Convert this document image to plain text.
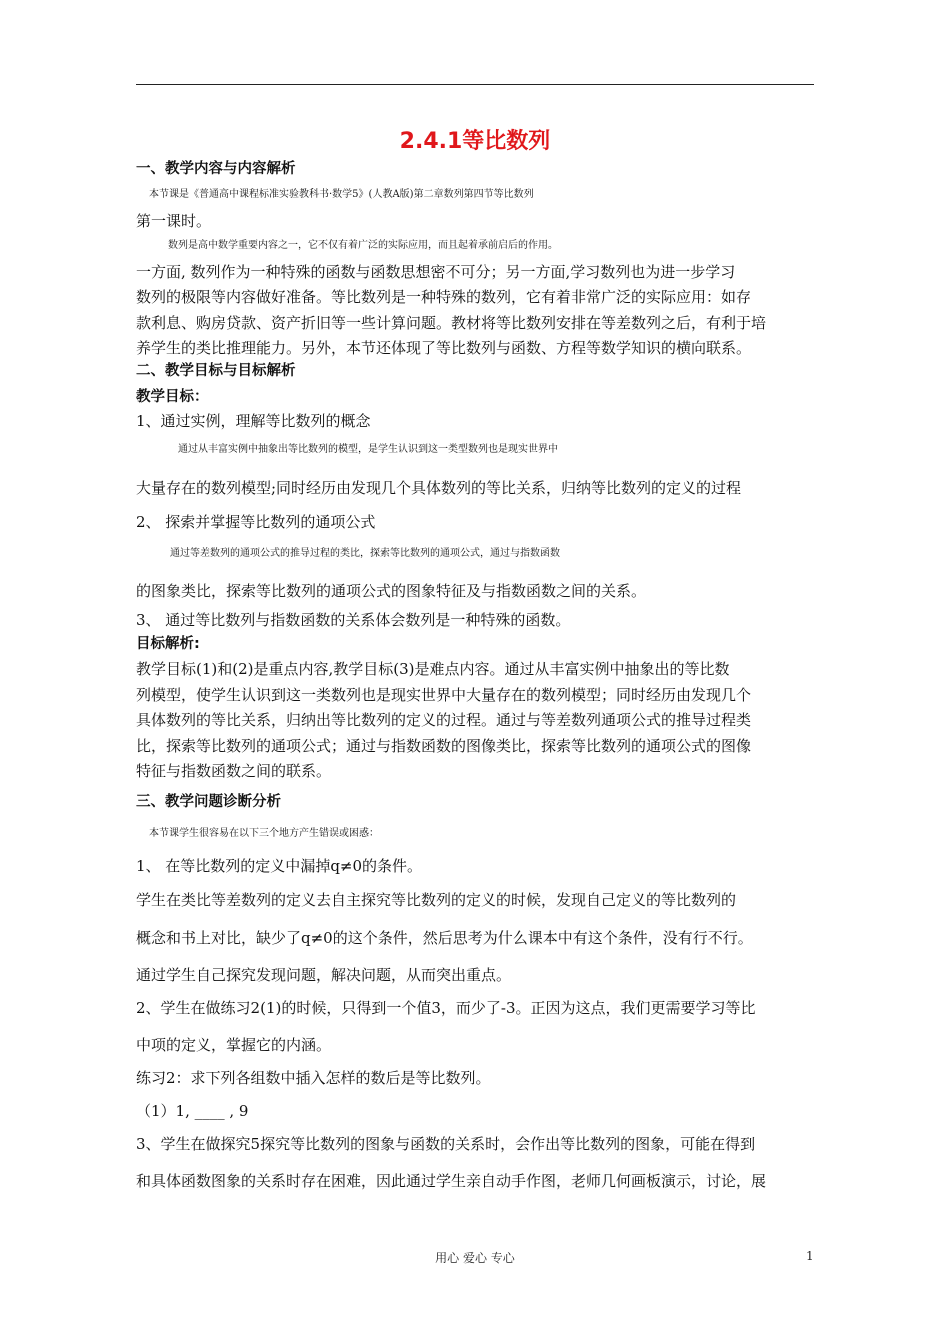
2.4.1等比数列
一、教学内容与内容解析
本节课是《普通高中课程标准实验教科书·数学5》(人教A版)第二章数列第四节等比数列
第一课时。
数列是高中数学重要内容之一，它不仅有着广泛的实际应用，而且起着承前启后的作用。
一方面, 数列作为一种特殊的函数与函数思想密不可分；另一方面,学习数列也为进一步学习
数列的极限等内容做好准备。等比数列是一种特殊的数列，它有着非常广泛的实际应用：如存
款利息、购房贷款、资产折旧等一些计算问题。教材将等比数列安排在等差数列之后，有利于培
养学生的类比推理能力。另外，本节还体现了等比数列与函数、方程等数学知识的横向联系。
二、教学目标与目标解析
教学目标：
1、通过实例，理解等比数列的概念
通过从丰富实例中抽象出等比数列的模型，是学生认识到这一类型数列也是现实世界中
大量存在的数列模型;同时经历由发现几个具体数列的等比关系，归纳等比数列的定义的过程
2、 探索并掌握等比数列的通项公式
通过等差数列的通项公式的推导过程的类比，探索等比数列的通项公式，通过与指数函数
的图象类比，探索等比数列的通项公式的图象特征及与指数函数之间的关系。
3、 通过等比数列与指数函数的关系体会数列是一种特殊的函数。
目标解析:
教学目标(1)和(2)是重点内容,教学目标(3)是难点内容。通过从丰富实例中抽象出的等比数
列模型，使学生认识到这一类数列也是现实世界中大量存在的数列模型；同时经历由发现几个
具体数列的等比关系，归纳出等比数列的定义的过程。通过与等差数列通项公式的推导过程类
比，探索等比数列的通项公式；通过与指数函数的图像类比，探索等比数列的通项公式的图像
特征与指数函数之间的联系。
三、教学问题诊断分析
本节课学生很容易在以下三个地方产生错误或困惑：
1、 在等比数列的定义中漏掉q≠0的条件。
学生在类比等差数列的定义去自主探究等比数列的定义的时候，发现自己定义的等比数列的
概念和书上对比，缺少了q≠0的这个条件，然后思考为什么课本中有这个条件，没有行不行。
通过学生自己探究发现问题，解决问题，从而突出重点。
2、学生在做练习2(1)的时候，只得到一个值3，而少了-3。正因为这点，我们更需要学习等比
中项的定义，掌握它的内涵。
练习2：求下列各组数中插入怎样的数后是等比数列。
（1）1, ____ , 9
3、学生在做探究5探究等比数列的图象与函数的关系时，会作出等比数列的图象，可能在得到
和具体函数图象的关系时存在困难，因此通过学生亲自动手作图，老师几何画板演示，讨论，展
用心 爱心 专心	1
